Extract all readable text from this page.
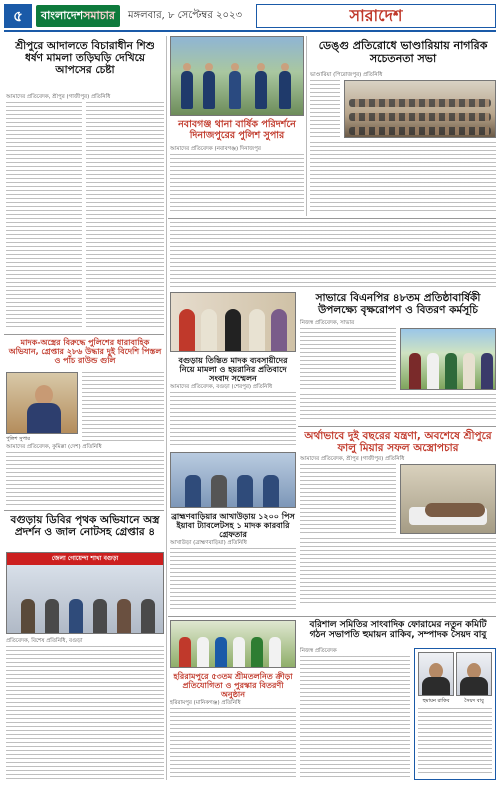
৫	বাংলাদেশসমাচার	মঙ্গলবার, ৮ সেপ্টেম্বর ২০২৩	সারাদেশ
শ্রীপুরে আদালতে বিচারাধীন শিশু ধর্ষণ মামলা তড়িঘড়ি দেখিয়ে আপসের চেষ্টা
আমাদের প্রতিবেদক, শ্রীপুর (গাজীপুর) প্রতিনিধি
মাদক-অস্ত্রের বিরুদ্ধে পুলিশের ধারাবাহিক অভিযান, গ্রেপ্তার ২৮৬ উদ্ধার দুই বিদেশি পিস্তল ও পাঁচ রাউন্ড গুলি
পুলিশ সুপার
আমাদের প্রতিবেদক, কুমিল্লা (দেশ) প্রতিনিধি
বগুড়ায় ডিবির পৃথক অভিযানে অস্ত্র প্রদর্শন ও জাল নোটসহ গ্রেপ্তার ৪
জেলা গোয়েন্দা শাখা বগুড়া
প্রতিবেদক, বিশেষ প্রতিনিধি, বগুড়া
নবাবগঞ্জ থানা বার্ষিক পরিদর্শনে দিনাজপুরের পুলিশ সুপার
আমাদের প্রতিবেদক (নবাবগঞ্জ) দিনাজপুর
ডেঙ্গু প্রতিরোধে ভাণ্ডারিয়ায় নাগরিক সচেতনতা সভা
ভাণ্ডারিয়া (পিরোজপুর) প্রতিনিধি
সাভারে বিএনপির ৪৮তম প্রতিষ্ঠাবার্ষিকী উপলক্ষ্যে বৃক্ষরোপণ ও বিতরণ কর্মসূচি
নিজস্ব প্রতিবেদক, সাভার
বগুড়ায় তিন্তিত মাদক ব্যবসায়ীদের নিয়ে মামলা ও হয়রানির প্রতিবাদে সংবাদ সম্মেলন
আমাদের প্রতিবেদক, বগুড়া (শেরপুর) প্রতিনিধি
অর্থাভাবে দুই বছরের যন্ত্রণা, অবশেষে শ্রীপুরে ফালু মিয়ার সফল অস্ত্রোপচার
আমাদের প্রতিবেদক, শ্রীপুর (গাজীপুর) প্রতিনিধি
ব্রাহ্মণবাড়িয়ার আখাউড়ায় ১২০০ পিস ইয়াবা ট্যাবলেটসহ ১ মাদক কারবারি গ্রেফতার
আখাউড়া (ব্রাহ্মণবাড়িয়া) প্রতিনিধি
হরিরামপুরে ৫৩তম শ্রীমতলনিত ক্রীড়া প্রতিযোগিতা ও পুরস্কার বিতরণী অনুষ্ঠান
হরিরামপুর (মানিকগঞ্জ) প্রতিনিধি
বরিশাল সমিতির সাংবাদিক ফোরামের নতুন কমিটি গঠন সভাপতি হুমায়ন রাকিব, সম্পাদক সৈয়দ বাবু
নিজস্ব প্রতিবেদক
হুমায়ন রাকিব	সৈয়দ বাবু
